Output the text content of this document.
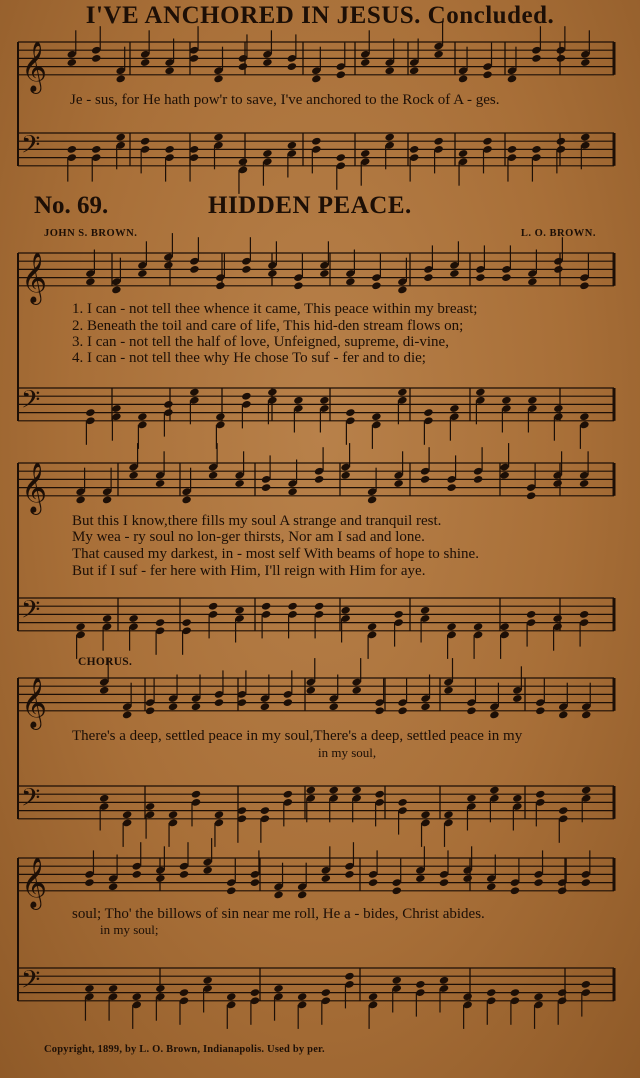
I'VE ANCHORED IN JESUS. Concluded.
𝄞
𝄢
𝄞
𝄢
𝄞
𝄢
𝄞
𝄢
𝄞
𝄢
Je - sus, for He hath pow'r to save, I've anchored to the Rock of A - ges.
No. 69.	HIDDEN PEACE.
JOHN S. BROWN.	L. O. BROWN.
1. I can - not tell thee whence it came, This peace within my breast;
2. Beneath the toil and care of life, This hid-den stream flows on;
3. I can - not tell the half of love, Unfeigned, supreme, di-vine,
4. I can - not tell thee why He chose To suf - fer and to die;
But this I know,there fills my soul A strange and tranquil rest.
My wea - ry soul no lon-ger thirsts, Nor am I sad and lone.
That caused my darkest, in - most self With beams of hope to shine.
But if I suf - fer here with Him, I'll reign with Him for aye.
CHORUS.
There's a deep, settled peace in my soul,There's a deep, settled peace in my
in my soul,
soul; Tho' the billows of sin near me roll, He a - bides, Christ abides.
in my soul;
Copyright, 1899, by L. O. Brown, Indianapolis. Used by per.
